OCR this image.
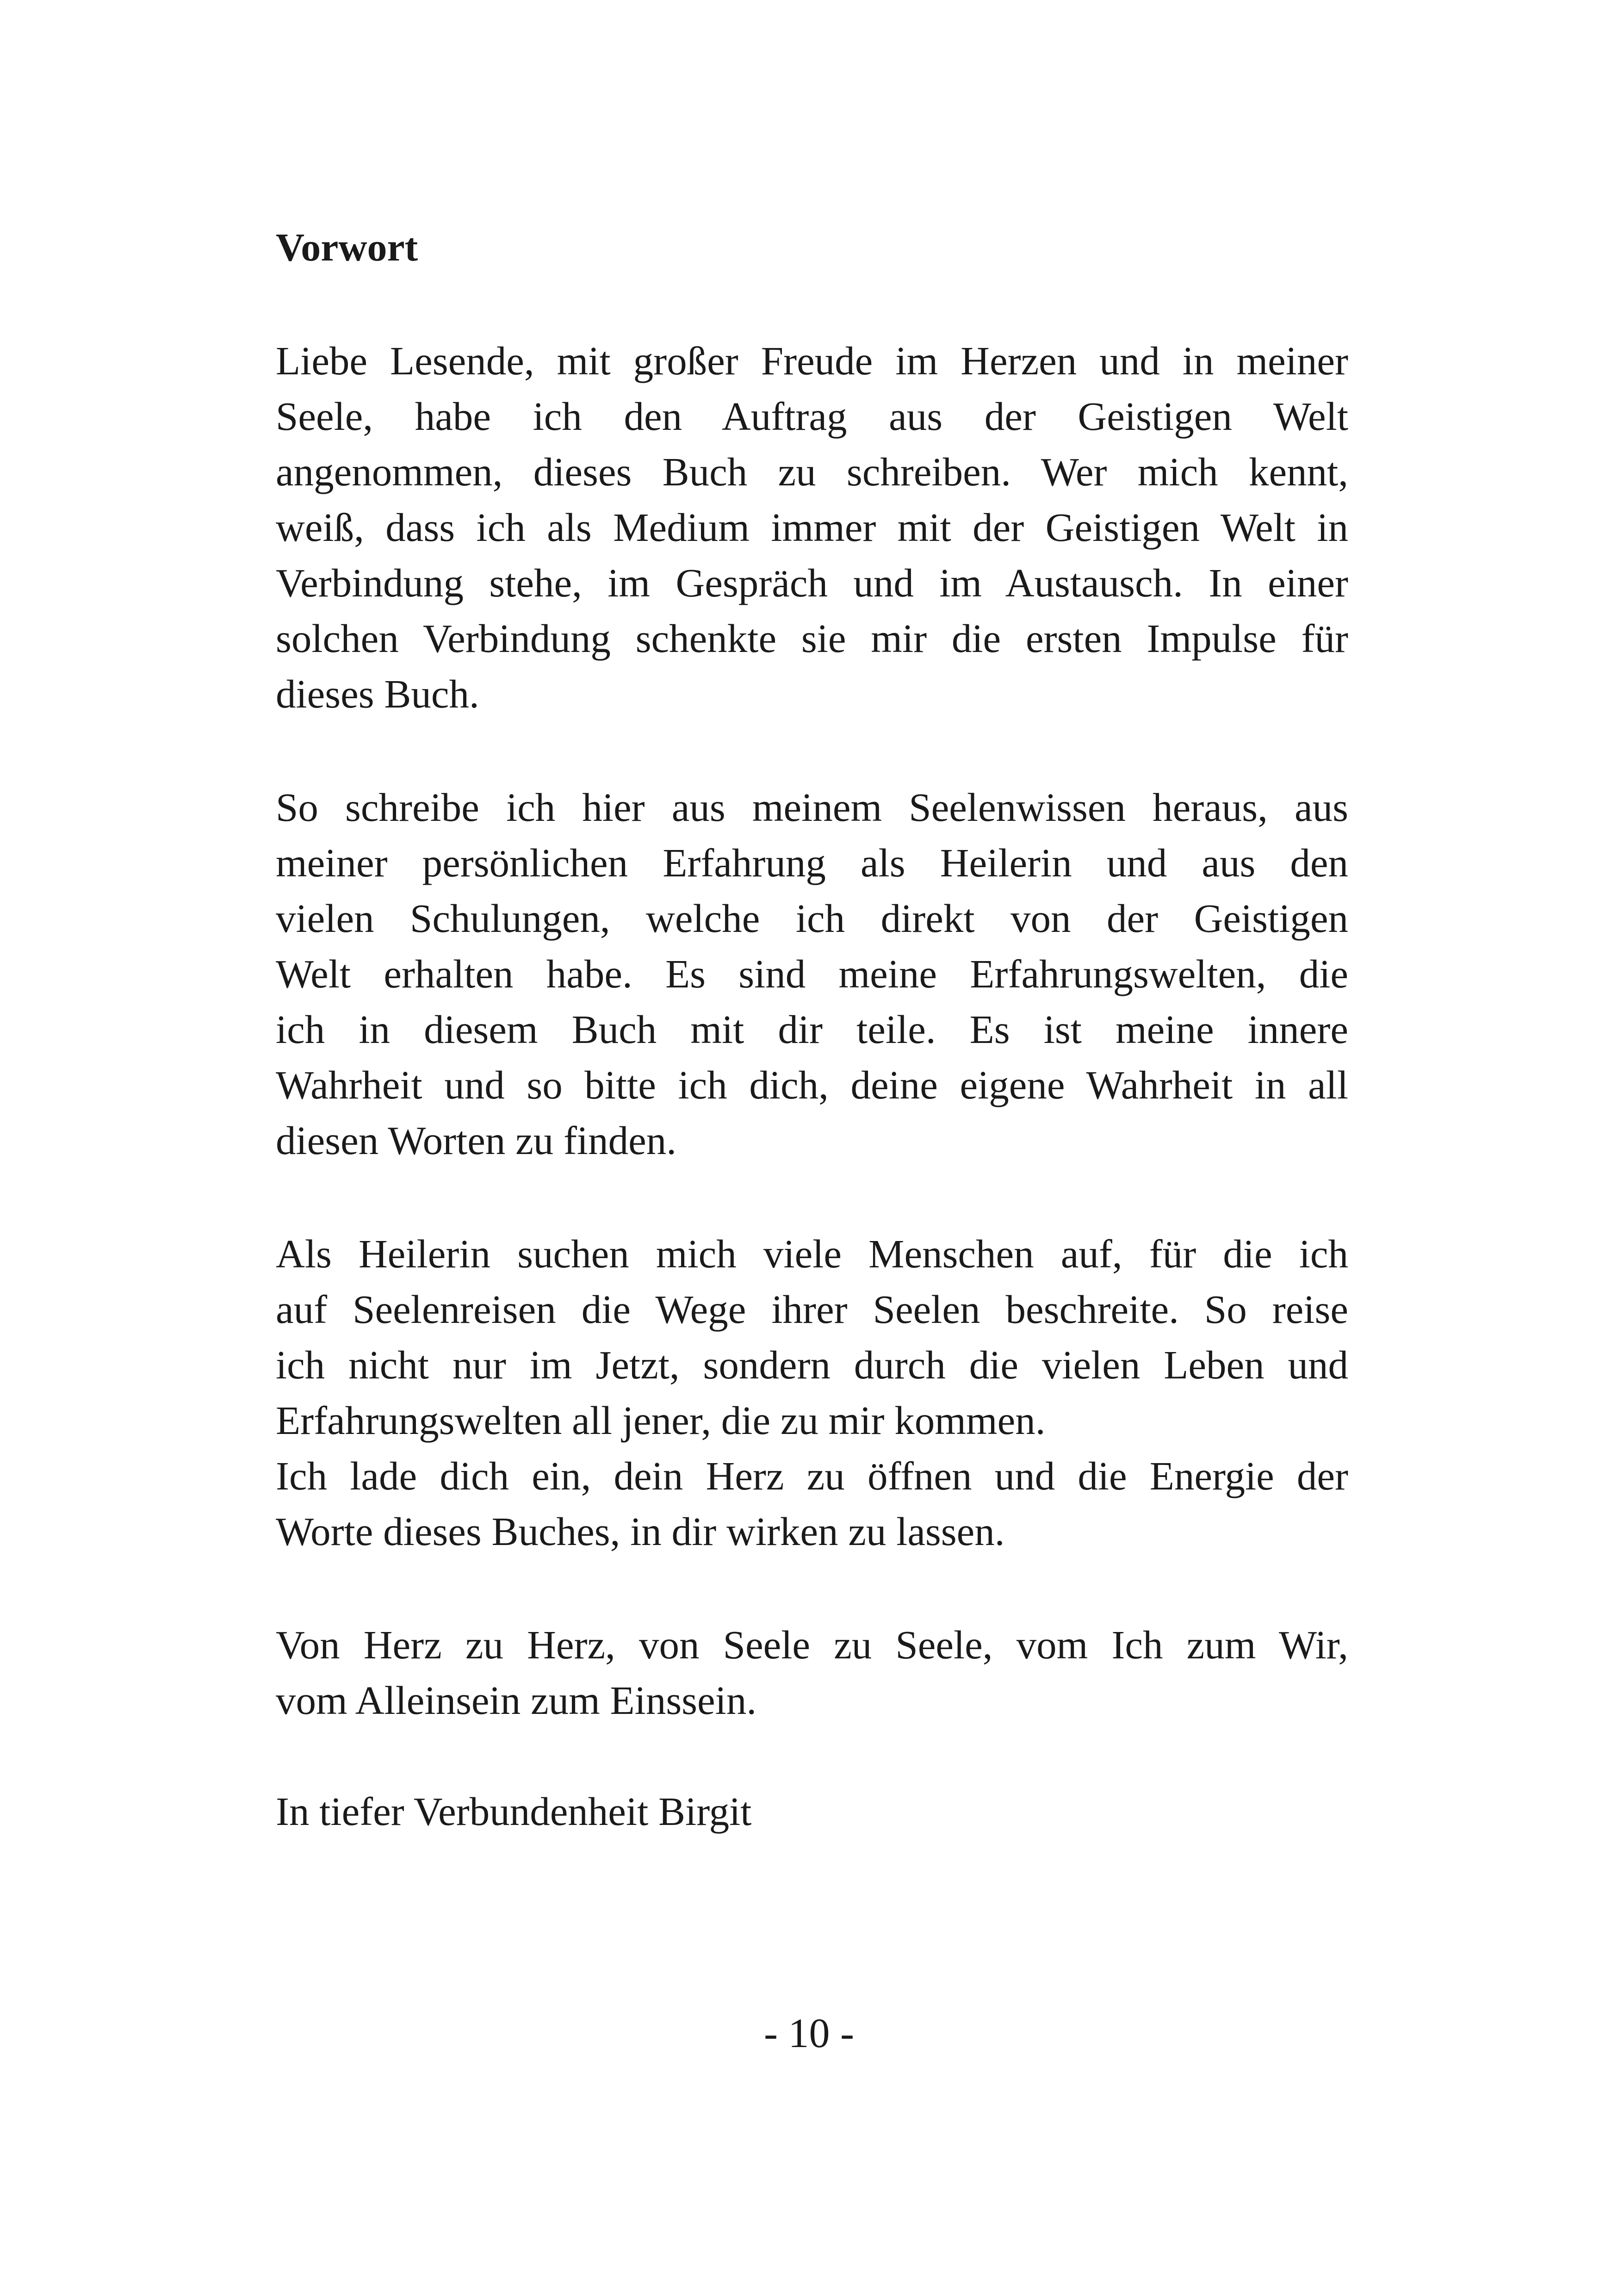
Vorwort

Liebe Lesende, mit großer Freude im Herzen und in meiner
Seele, habe ich den Auftrag aus der Geistigen Welt
angenommen, dieses Buch zu schreiben. Wer mich kennt,
weiß, dass ich als Medium immer mit der Geistigen Welt in
Verbindung stehe, im Gespräch und im Austausch. In einer
solchen Verbindung schenkte sie mir die ersten Impulse für
dieses Buch.

So schreibe ich hier aus meinem Seelenwissen heraus, aus
meiner persönlichen Erfahrung als Heilerin und aus den
vielen Schulungen, welche ich direkt von der Geistigen
Welt erhalten habe. Es sind meine Erfahrungswelten, die
ich in diesem Buch mit dir teile. Es ist meine innere
Wahrheit und so bitte ich dich, deine eigene Wahrheit in all
diesen Worten zu finden.

Als Heilerin suchen mich viele Menschen auf, für die ich
auf Seelenreisen die Wege ihrer Seelen beschreite. So reise
ich nicht nur im Jetzt, sondern durch die vielen Leben und
Erfahrungswelten all jener, die zu mir kommen.
Ich lade dich ein, dein Herz zu öffnen und die Energie der
Worte dieses Buches, in dir wirken zu lassen.

Von Herz zu Herz, von Seele zu Seele, vom Ich zum Wir,
vom Alleinsein zum Einssein.

In tiefer Verbundenheit Birgit

- 10 -
